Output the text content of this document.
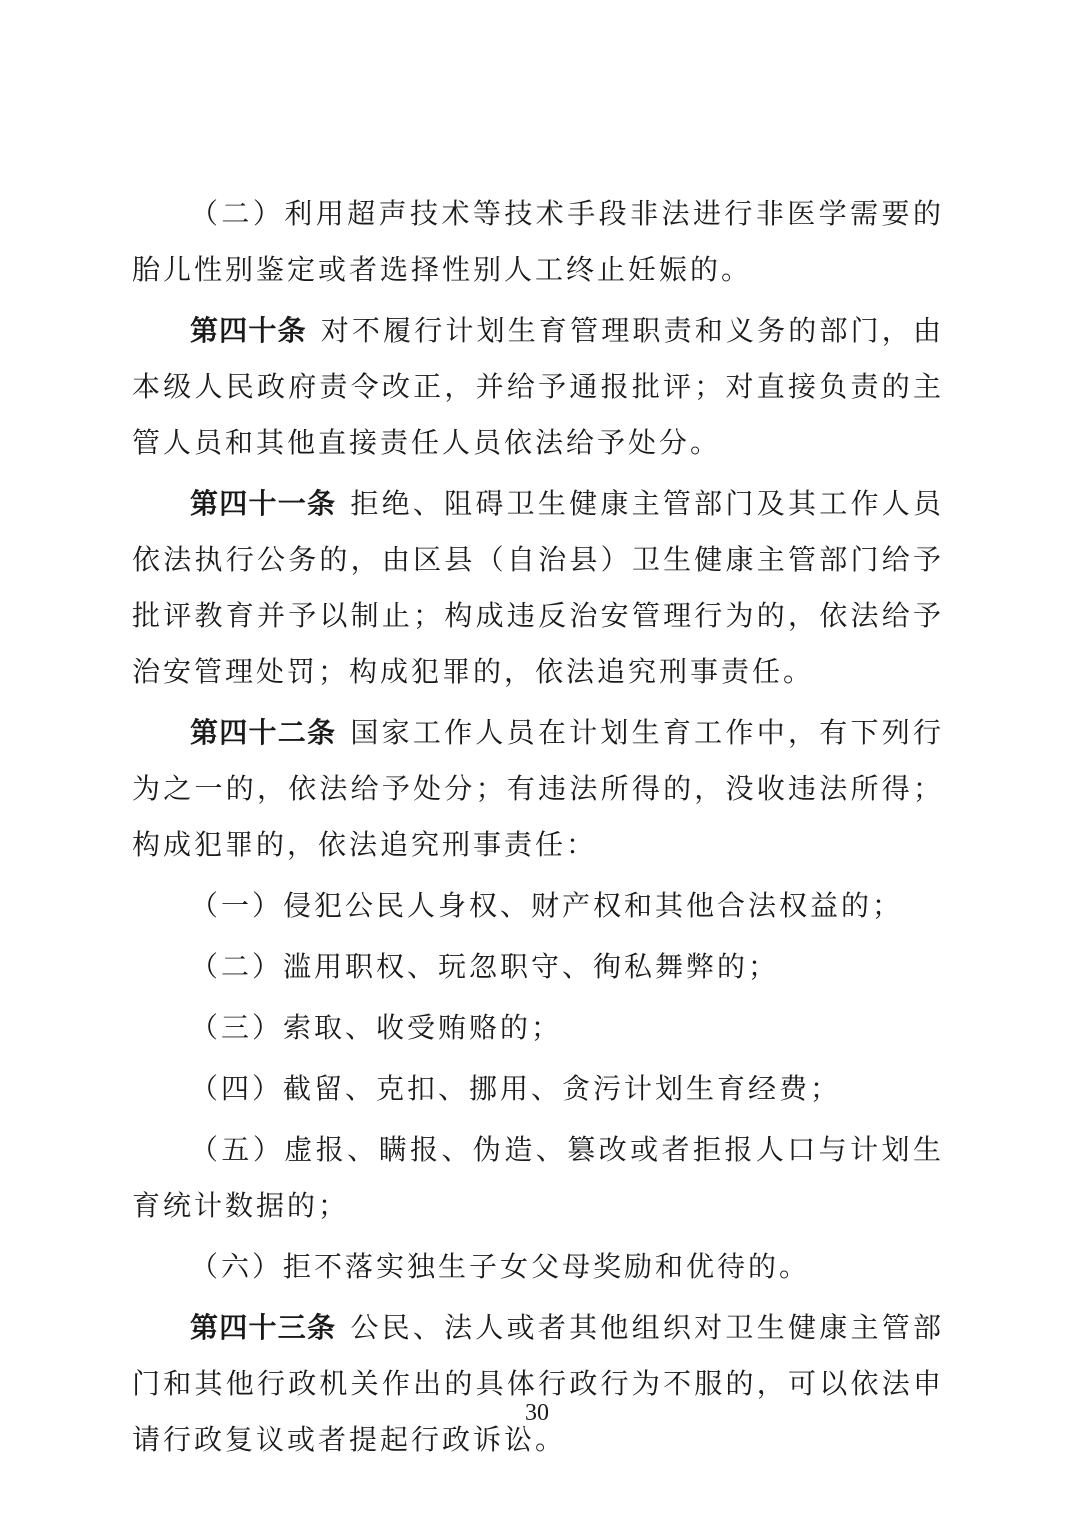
（二）利用超声技术等技术手段非法进行非医学需要的胎儿性别鉴定或者选择性别人工终止妊娠的。

第四十条 对不履行计划生育管理职责和义务的部门，由本级人民政府责令改正，并给予通报批评；对直接负责的主管人员和其他直接责任人员依法给予处分。

第四十一条 拒绝、阻碍卫生健康主管部门及其工作人员依法执行公务的，由区县（自治县）卫生健康主管部门给予批评教育并予以制止；构成违反治安管理行为的，依法给予治安管理处罚；构成犯罪的，依法追究刑事责任。

第四十二条 国家工作人员在计划生育工作中，有下列行为之一的，依法给予处分；有违法所得的，没收违法所得；构成犯罪的，依法追究刑事责任：

（一）侵犯公民人身权、财产权和其他合法权益的；

（二）滥用职权、玩忽职守、徇私舞弊的；

（三）索取、收受贿赂的；

（四）截留、克扣、挪用、贪污计划生育经费；

（五）虚报、瞒报、伪造、篡改或者拒报人口与计划生育统计数据的；

（六）拒不落实独生子女父母奖励和优待的。

第四十三条 公民、法人或者其他组织对卫生健康主管部门和其他行政机关作出的具体行政行为不服的，可以依法申请行政复议或者提起行政诉讼。

30
